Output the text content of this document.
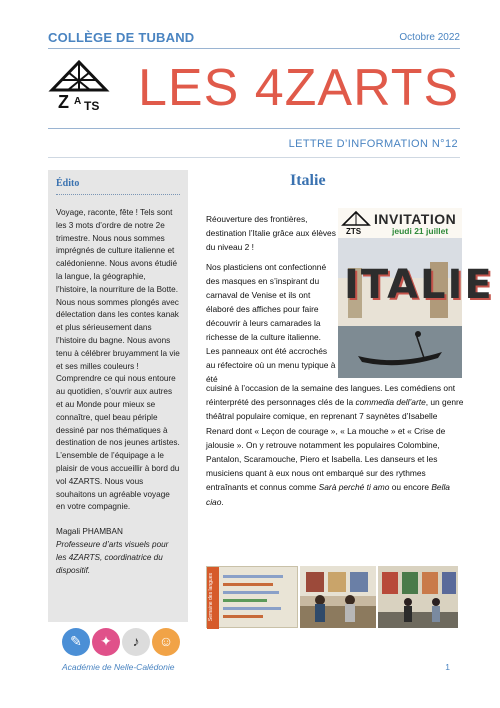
COLLÈGE DE TUBAND	Octobre 2022
Z A TS LES 4ZARTS
LETTRE D’INFORMATION N°12
Édito
Voyage, raconte, fête ! Tels sont les 3 mots d’ordre de notre 2e trimestre. Nous nous sommes imprégnés de culture italienne et calédonienne. Nous avons étudié la langue, la géographie, l’histoire, la nourriture de la Botte. Nous nous sommes plongés avec délectation dans les contes kanak et plus sérieusement dans l’histoire du bagne. Nous avons tenu à célébrer bruyamment la vie et ses milles couleurs ! Comprendre ce qui nous entoure au quotidien, s’ouvrir aux autres et au Monde pour mieux se connaître, quel beau périple dessiné par nos thématiques à destination de nos jeunes artistes. L’ensemble de l’équipage a le plaisir de vous accueillir à bord du vol 4ZARTS. Nous vous souhaitons un agréable voyage en votre compagnie.
Magali PHAMBAN
Professeure d’arts visuels pour les 4ZARTS, coordinatrice du dispositif.
Italie

Réouverture des frontières, destination l’Italie grâce aux élèves du niveau 2 !

Nos plasticiens ont confectionné des masques en s’inspirant du carnaval de Venise et ils ont élaboré des affiches pour faire découvrir à leurs camarades la richesse de la culture italienne. Les panneaux ont été accrochés au réfectoire où un menu typique à été

ZTS
INVITATION
jeudi 21 juillet
ITALIE
cuisiné à l’occasion de la semaine des langues. Les comédiens ont réinterprété des personnages clés de la commedia dell’arte, un genre théâtral populaire comique, en reprenant 7 saynètes d’Isabelle Renard dont « Leçon de courage », « La mouche » et « Crise de jalousie ». On y retrouve notamment les populaires Colombine, Pantalon, Scaramouche, Piero et Isabella. Les danseurs et les musiciens quant à eux nous ont embarqué sur des rythmes entraînants et connus comme Sarà perché ti amo ou encore Bella ciao.
Semaine des langues
✎	✦	♪	☺
Académie de Nelle-Calédonie	1
